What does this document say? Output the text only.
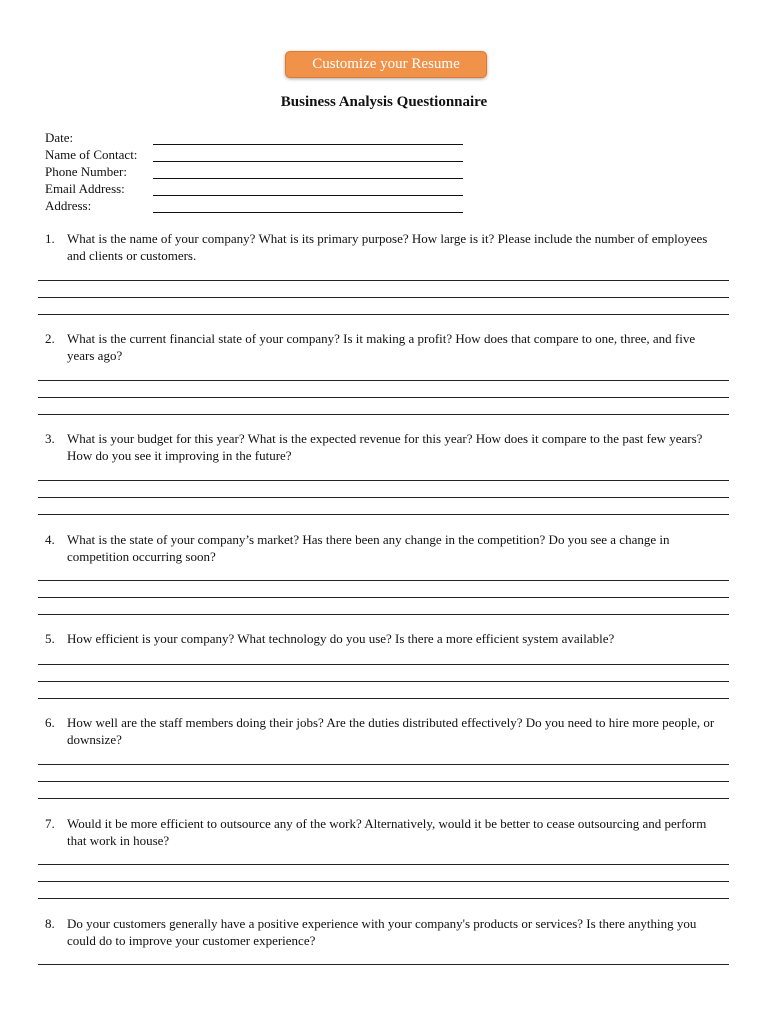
Customize your Resume
Business Analysis Questionnaire
Date:
Name of Contact:
Phone Number:
Email Address:
Address:
1. What is the name of your company? What is its primary purpose? How large is it? Please include the number of employees and clients or customers.
2. What is the current financial state of your company? Is it making a profit? How does that compare to one, three, and five years ago?
3. What is your budget for this year? What is the expected revenue for this year? How does it compare to the past few years? How do you see it improving in the future?
4. What is the state of your company’s market? Has there been any change in the competition? Do you see a change in competition occurring soon?
5. How efficient is your company? What technology do you use? Is there a more efficient system available?
6. How well are the staff members doing their jobs? Are the duties distributed effectively? Do you need to hire more people, or downsize?
7. Would it be more efficient to outsource any of the work? Alternatively, would it be better to cease outsourcing and perform that work in house?
8. Do your customers generally have a positive experience with your company's products or services? Is there anything you could do to improve your customer experience?
